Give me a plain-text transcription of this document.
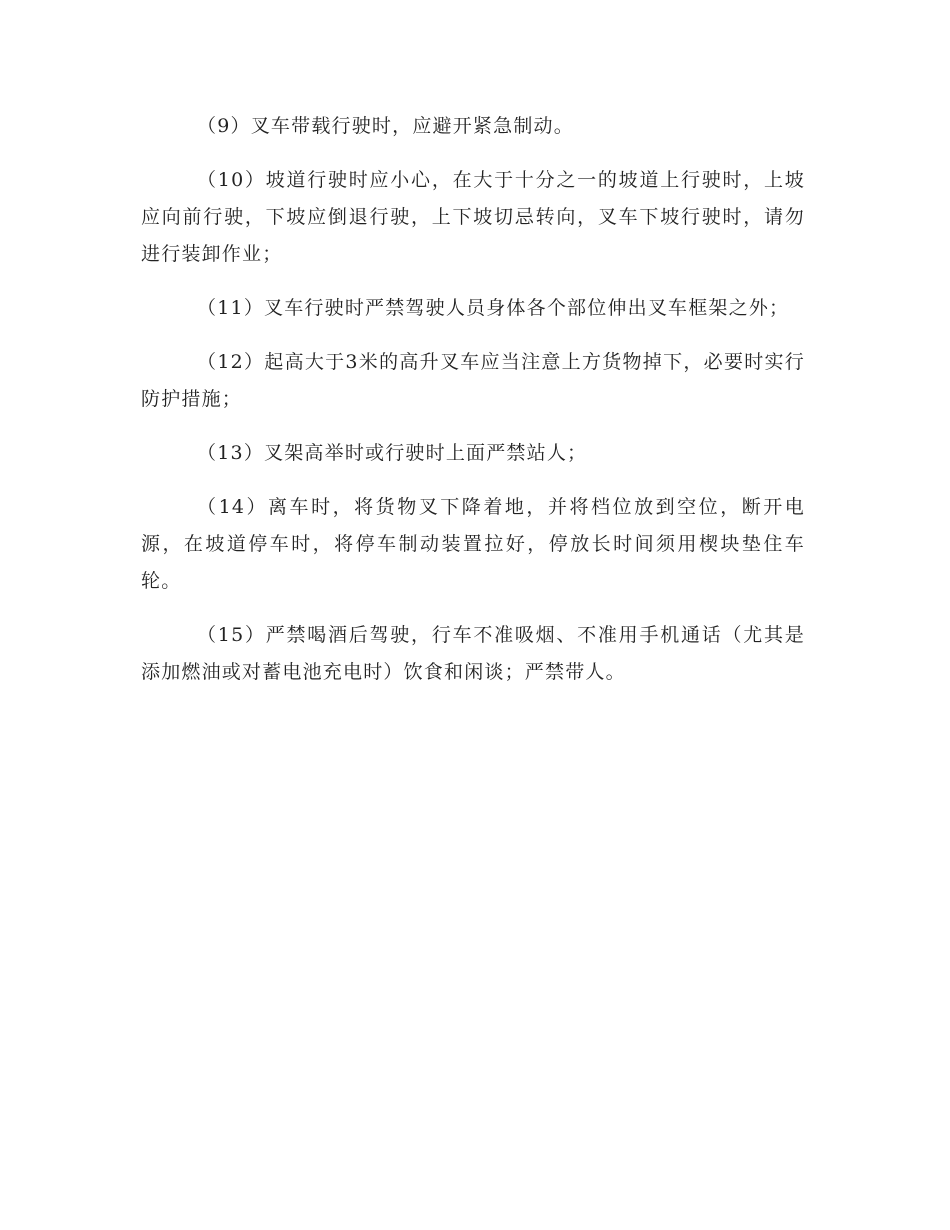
（9）叉车带载行驶时，应避开紧急制动。

（10）坡道行驶时应小心，在大于十分之一的坡道上行驶时，上坡应向前行驶，下坡应倒退行驶，上下坡切忌转向，叉车下坡行驶时，请勿进行装卸作业；

（11）叉车行驶时严禁驾驶人员身体各个部位伸出叉车框架之外；

（12）起高大于3米的高升叉车应当注意上方货物掉下，必要时实行防护措施；

（13）叉架高举时或行驶时上面严禁站人；

（14）离车时，将货物叉下降着地，并将档位放到空位，断开电源，在坡道停车时，将停车制动装置拉好，停放长时间须用楔块垫住车轮。

（15）严禁喝酒后驾驶，行车不准吸烟、不准用手机通话（尤其是添加燃油或对蓄电池充电时）饮食和闲谈；严禁带人。
